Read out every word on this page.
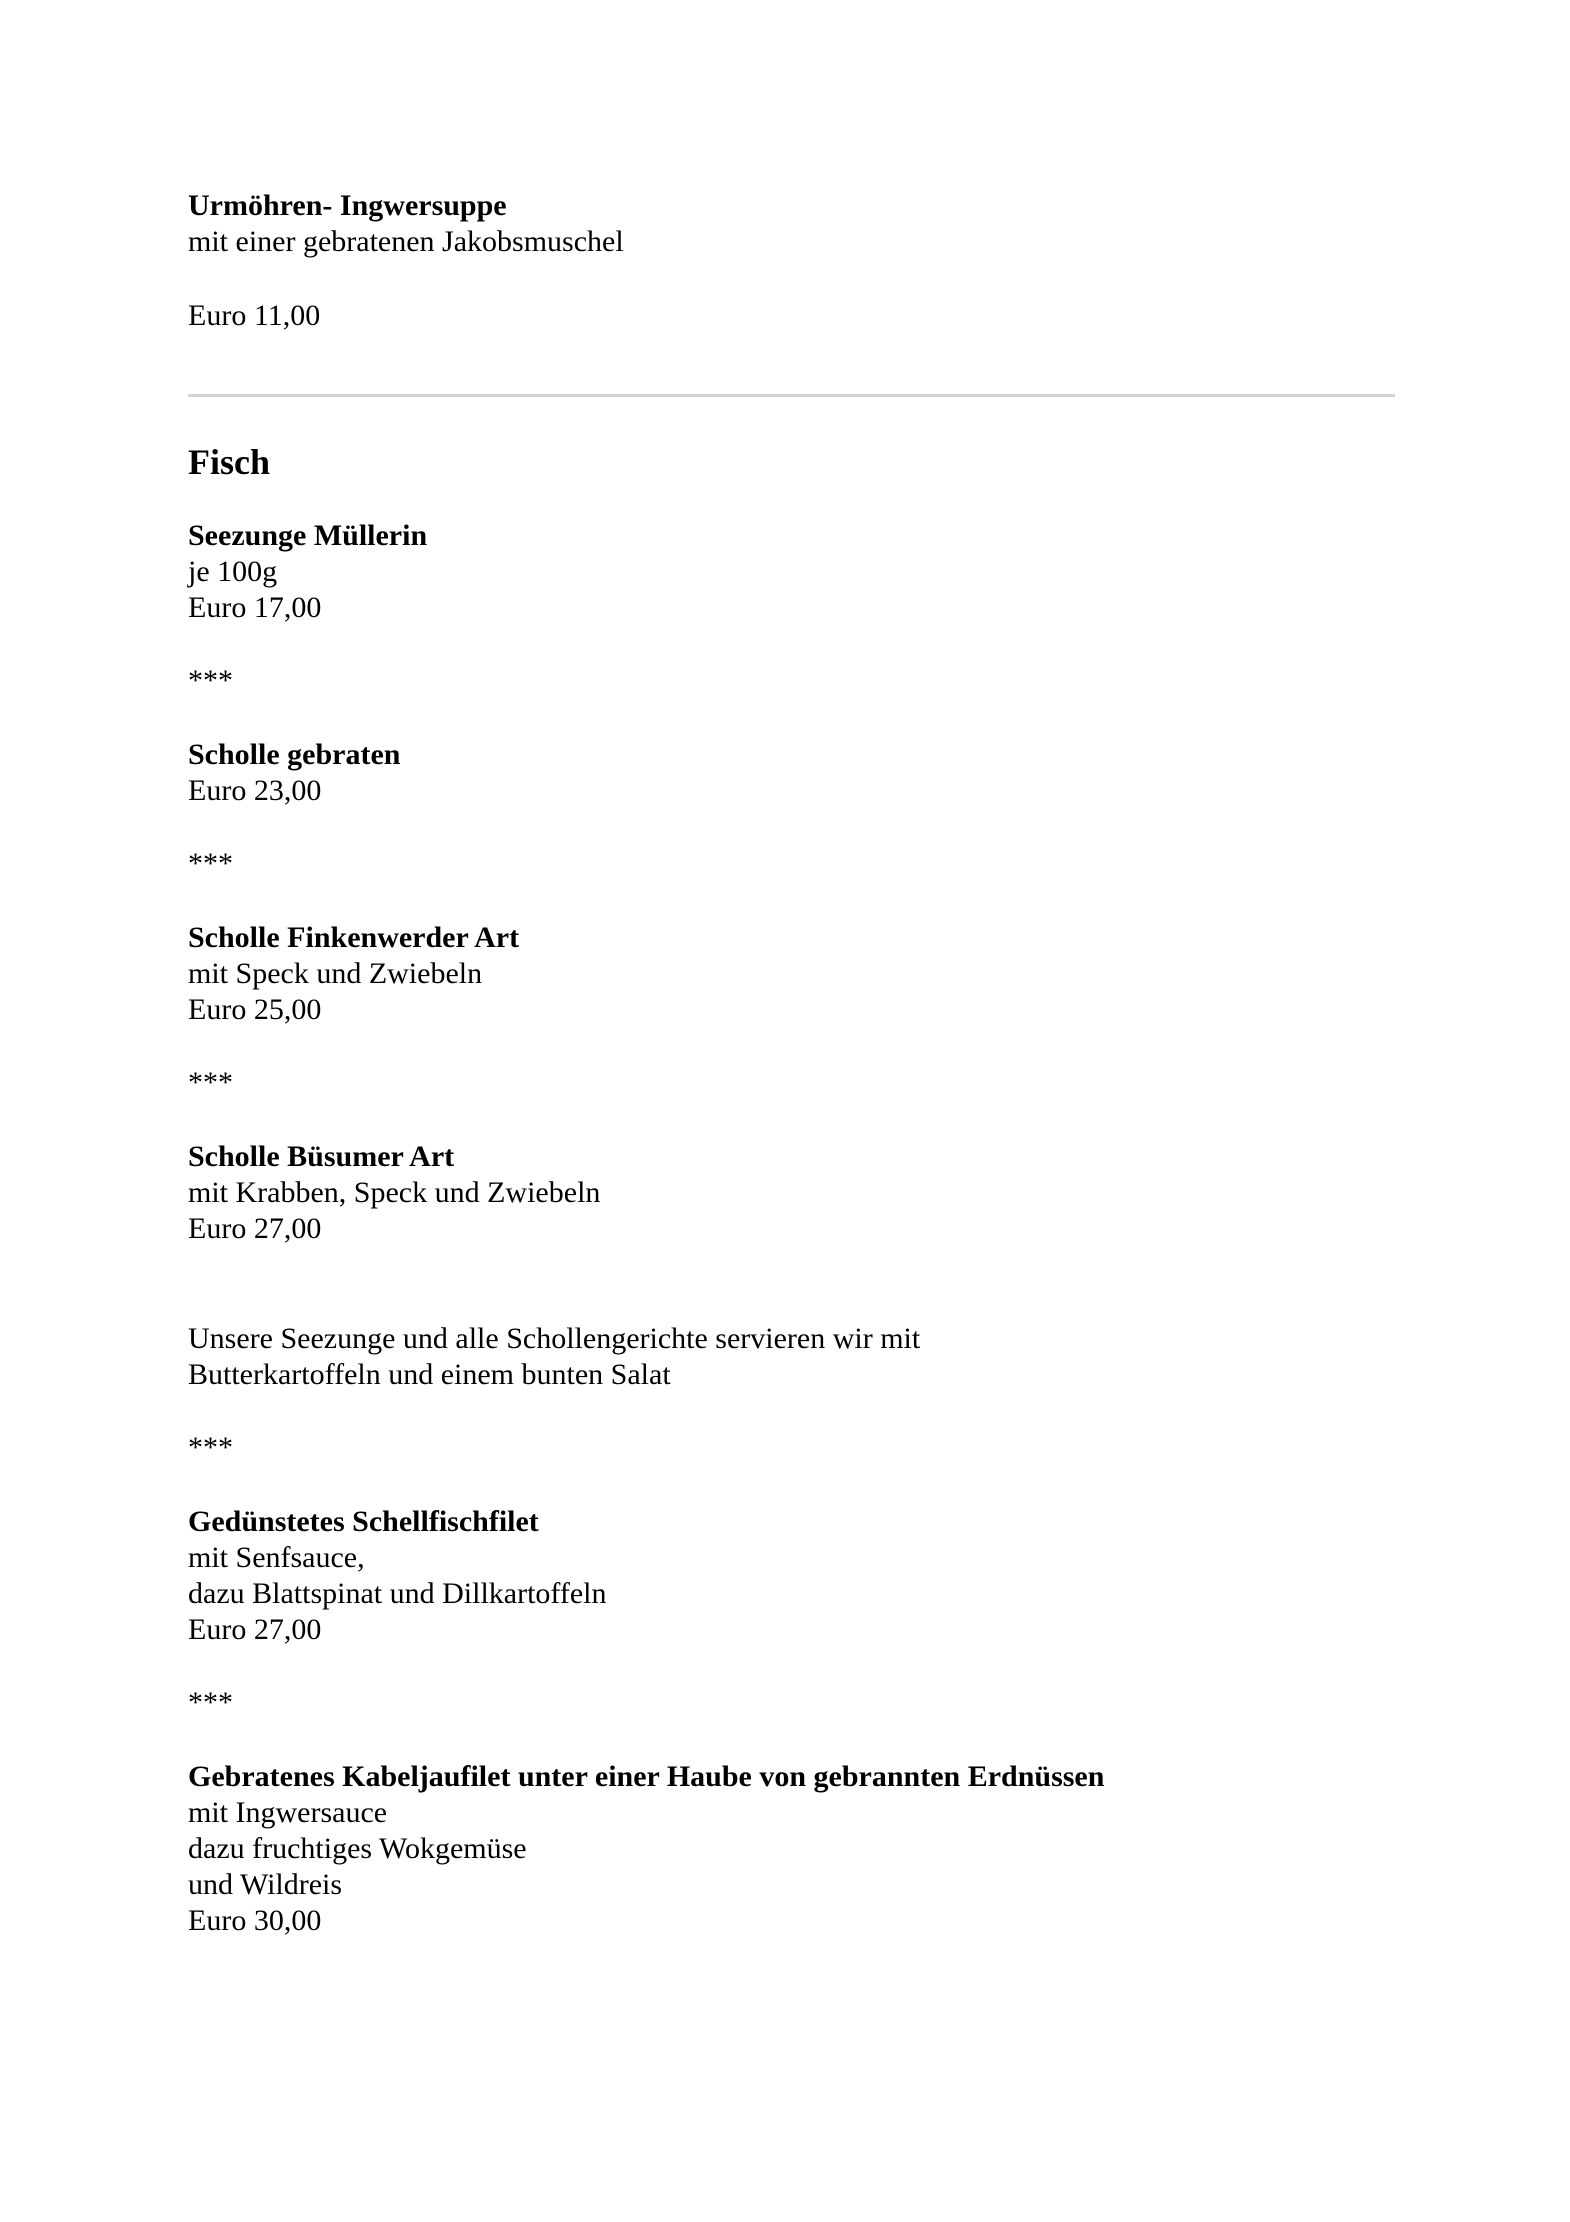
Urmöhren- Ingwersuppe
mit einer gebratenen Jakobsmuschel
Euro 11,00
Fisch
Seezunge Müllerin
je 100g
Euro 17,00
***
Scholle gebraten
Euro 23,00
***
Scholle Finkenwerder Art
mit Speck und Zwiebeln
Euro 25,00
***
Scholle Büsumer Art
mit Krabben, Speck und Zwiebeln
Euro 27,00
Unsere Seezunge und alle Schollengerichte servieren wir mit
Butterkartoffeln und einem bunten Salat
***
Gedünstetes Schellfischfilet
mit Senfsauce,
dazu Blattspinat und Dillkartoffeln
Euro 27,00
***
Gebratenes Kabeljaufilet unter einer Haube von gebrannten Erdnüssen
mit Ingwersauce
dazu fruchtiges Wokgemüse
und Wildreis
Euro 30,00
